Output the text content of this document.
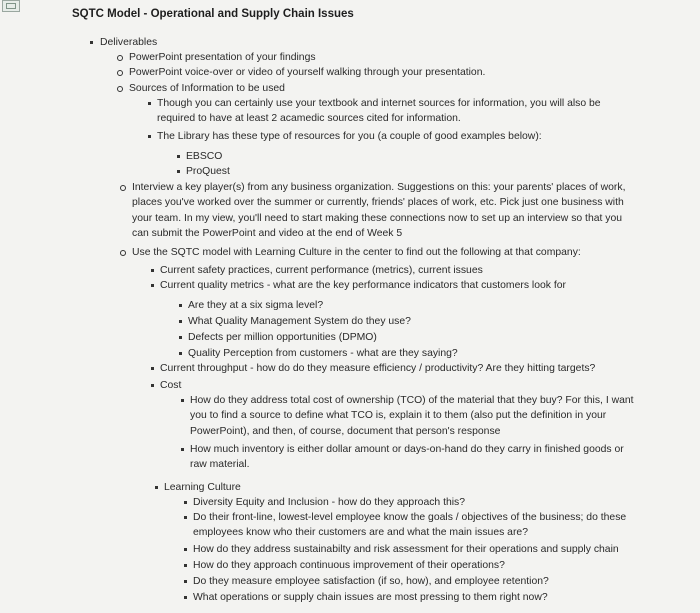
SQTC Model - Operational and Supply Chain Issues
Deliverables
PowerPoint presentation of your findings
PowerPoint voice-over or video of yourself walking through your presentation.
Sources of Information to be used
Though you can certainly use your textbook and internet sources for information, you will also be
required to have at least 2 acamedic sources cited for information.
The Library has these type of resources for you (a couple of good examples below):
EBSCO
ProQuest
Interview a key player(s) from any business organization. Suggestions on this: your parents' places of work,
places you've worked over the summer or currently, friends' places of work, etc. Pick just one business with
your team. In my view, you'll need to start making these connections now to set up an interview so that you
can submit the PowerPoint and video at the end of Week 5
Use the SQTC model with Learning Culture in the center to find out the following at that company:
Current safety practices, current performance (metrics), current issues
Current quality metrics - what are the key performance indicators that customers look for
Are they at a six sigma level?
What Quality Management System do they use?
Defects per million opportunities (DPMO)
Quality Perception from customers - what are they saying?
Current throughput - how do do they measure efficiency / productivity? Are they hitting targets?
Cost
How do they address total cost of ownership (TCO) of the material that they buy? For this, I want
you to find a source to define what TCO is, explain it to them (also put the definition in your
PowerPoint), and then, of course, document that person's response
How much inventory is either dollar amount or days-on-hand do they carry in finished goods or
raw material.
Learning Culture
Diversity Equity and Inclusion - how do they approach this?
Do their front-line, lowest-level employee know the goals / objectives of the business; do these
employees know who their customers are and what the main issues are?
How do they address sustainabilty and risk assessment for their operations and supply chain
How do they approach continuous improvement of their operations?
Do they measure employee satisfaction (if so, how), and employee retention?
What operations or supply chain issues are most pressing to them right now?
